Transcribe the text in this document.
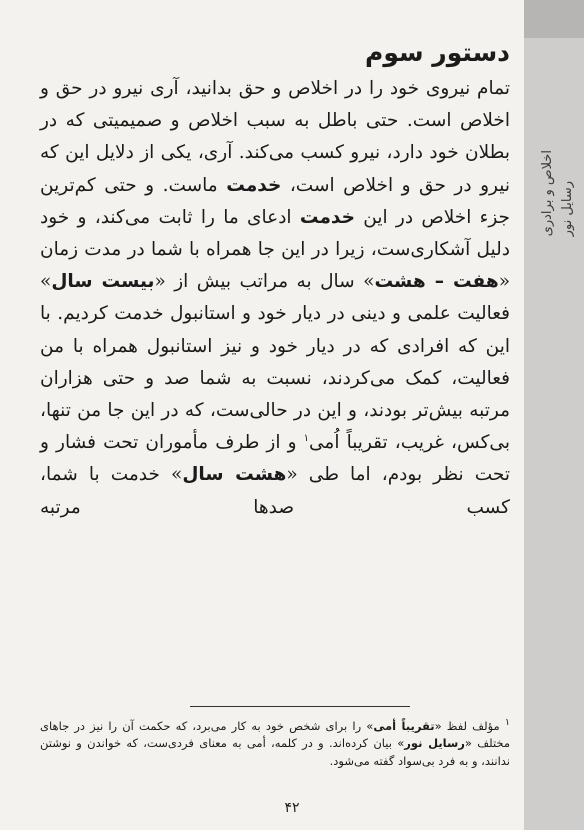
اخلاص و برادری رسایل نور
دستور سوم
تمام نیروی خود را در اخلاص و حق بدانید، آری نیرو در حق و اخلاص است. حتی باطل به سبب اخلاص و صمیمیتی که در بطلان خود دارد، نیرو کسب می‌کند. آری، یکی از دلایل این که نیرو در حق و اخلاص است، خدمت ماست. و حتی کم‌ترین جزء اخلاص در این خدمت ادعای ما را ثابت می‌کند، و خود دلیل آشکاری‌ست، زیرا در این جا همراه با شما در مدت زمان «هفت – هشت» سال به مراتب بیش از «بیست سال» فعالیت علمی و دینی در دیار خود و استانبول خدمت کردیم. با این که افرادی که در دیار خود و نیز استانبول همراه با من فعالیت، کمک می‌کردند، نسبت به شما صد و حتی هزاران مرتبه بیش‌تر بودند، و این در حالی‌ست، که در این جا من تنها، بی‌کس، غریب، تقریباً اُمی$^۱$ و از طرف مأموران تحت فشار و تحت نظر بودم، اما طی «هشت سال» خدمت با شما، کسب صدها مرتبه
$^۱$ مؤلف لفظ «تقریباً أمی» را برای شخص خود به کار می‌برد، که حکمت آن را نیز در جاهای مختلف «رسایل نور» بیان کرده‌اند. و در کلمه، أمی به معنای فردی‌ست، که خواندن و نوشتن ندانند، و به فرد بی‌سواد گفته می‌شود.
۴۲
